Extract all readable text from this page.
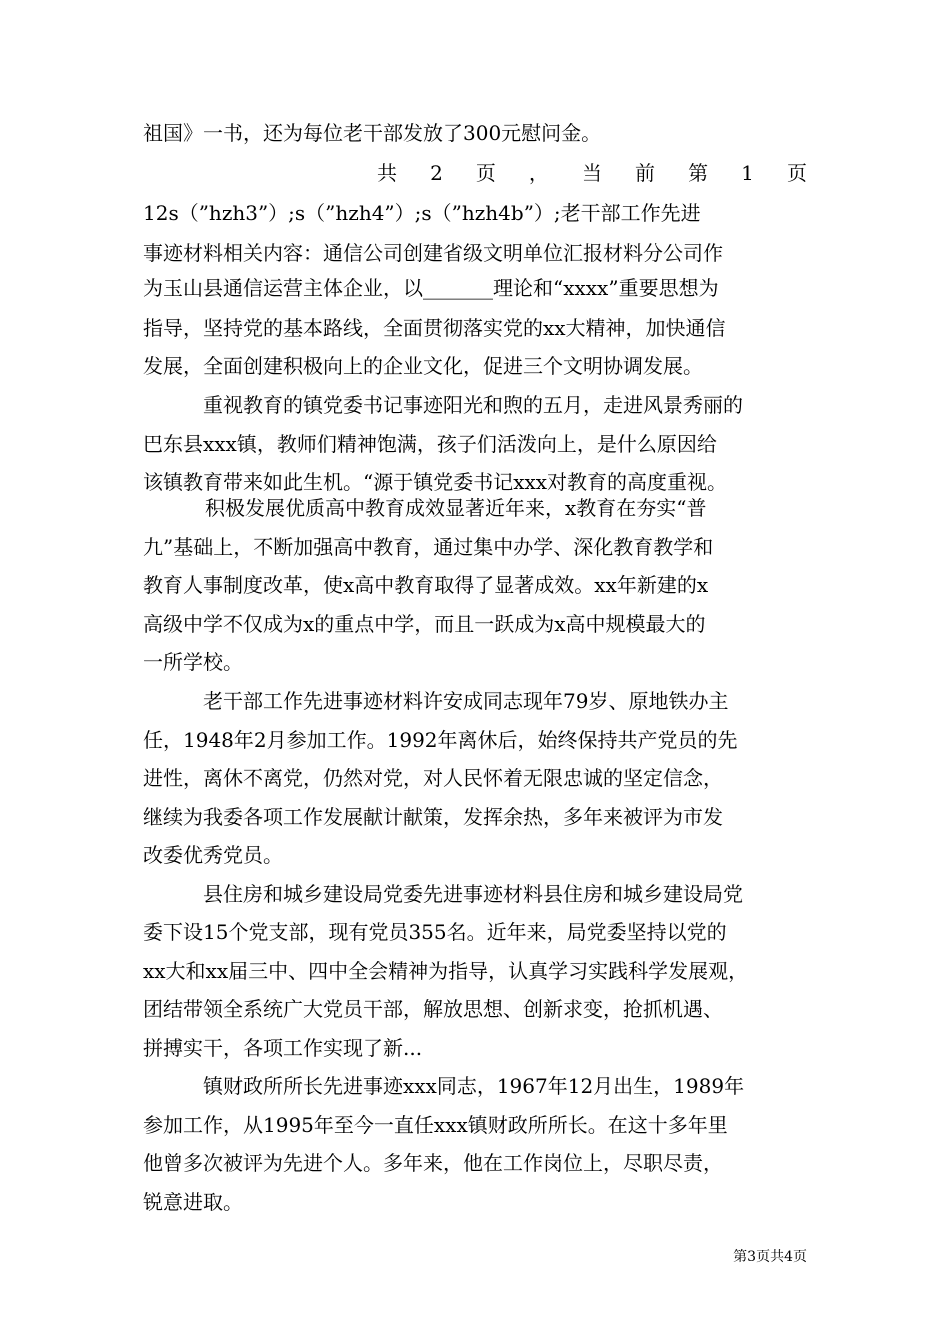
祖国》一书，还为每位老干部发放了300元慰问金。
共 2 页 ， 当 前 第 1 页
12s（”hzh3”）;s（”hzh4”）;s（”hzh4b”）;老干部工作先进
事迹材料相关内容：通信公司创建省级文明单位汇报材料分公司作
为玉山县通信运营主体企业，以_______理论和“xxxx”重要思想为
指导，坚持党的基本路线，全面贯彻落实党的xx大精神，加快通信
发展，全面创建积极向上的企业文化，促进三个文明协调发展。
重视教育的镇党委书记事迹阳光和煦的五月，走进风景秀丽的
巴东县xxx镇，教师们精神饱满，孩子们活泼向上，是什么原因给
该镇教育带来如此生机。“源于镇党委书记xxx对教育的高度重视。
积极发展优质高中教育成效显著近年来，x教育在夯实“普
九”基础上，不断加强高中教育，通过集中办学、深化教育教学和
教育人事制度改革，使x高中教育取得了显著成效。xx年新建的x
高级中学不仅成为x的重点中学，而且一跃成为x高中规模最大的
一所学校。
老干部工作先进事迹材料许安成同志现年79岁、原地铁办主
任，1948年2月参加工作。1992年离休后，始终保持共产党员的先
进性，离休不离党，仍然对党，对人民怀着无限忠诚的坚定信念，
继续为我委各项工作发展献计献策，发挥余热，多年来被评为市发
改委优秀党员。
县住房和城乡建设局党委先进事迹材料县住房和城乡建设局党
委下设15个党支部，现有党员355名。近年来，局党委坚持以党的
xx大和xx届三中、四中全会精神为指导，认真学习实践科学发展观，
团结带领全系统广大党员干部，解放思想、创新求变，抢抓机遇、
拼搏实干，各项工作实现了新...
镇财政所所长先进事迹xxx同志，1967年12月出生，1989年
参加工作，从1995年至今一直任xxx镇财政所所长。在这十多年里
他曾多次被评为先进个人。多年来，他在工作岗位上，尽职尽责，
锐意进取。
第3页共4页
